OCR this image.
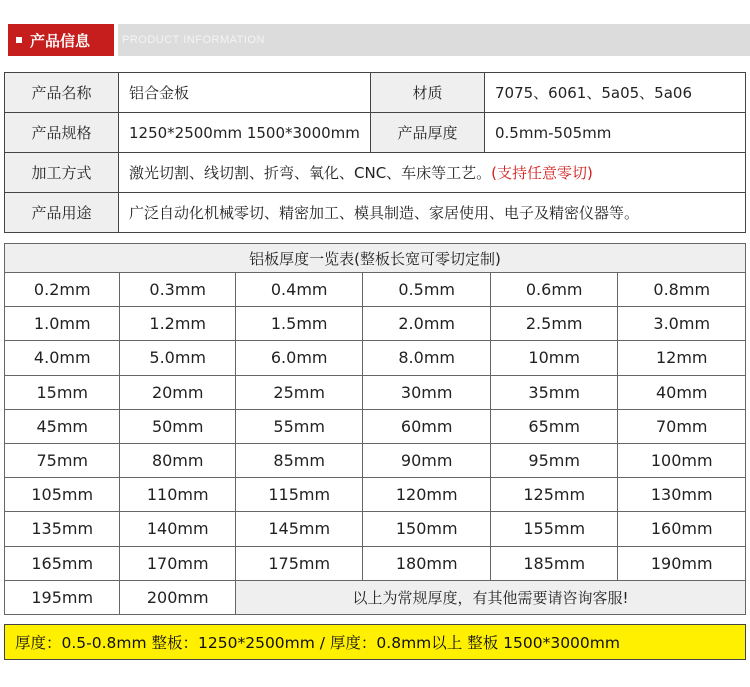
产品信息	PRODUCT INFORMATION
产品名称	铝合金板	材质	7075、6061、5a05、5a06
产品规格	1250*2500mm 1500*3000mm	产品厚度	0.5mm-505mm
加工方式	激光切割、线切割、折弯、氧化、CNC、车床等工艺。(支持任意零切)		
产品用途	广泛自动化机械零切、精密加工、模具制造、家居使用、电子及精密仪器等。		
铝板厚度一览表(整板长宽可零切定制)					
0.2mm	0.3mm	0.4mm	0.5mm	0.6mm	0.8mm
1.0mm	1.2mm	1.5mm	2.0mm	2.5mm	3.0mm
4.0mm	5.0mm	6.0mm	8.0mm	10mm	12mm
15mm	20mm	25mm	30mm	35mm	40mm
45mm	50mm	55mm	60mm	65mm	70mm
75mm	80mm	85mm	90mm	95mm	100mm
105mm	110mm	115mm	120mm	125mm	130mm
135mm	140mm	145mm	150mm	155mm	160mm
165mm	170mm	175mm	180mm	185mm	190mm
195mm	200mm	以上为常规厚度，有其他需要请咨询客服!			
厚度：0.5-0.8mm 整板：1250*2500mm / 厚度：0.8mm以上 整板 1500*3000mm
